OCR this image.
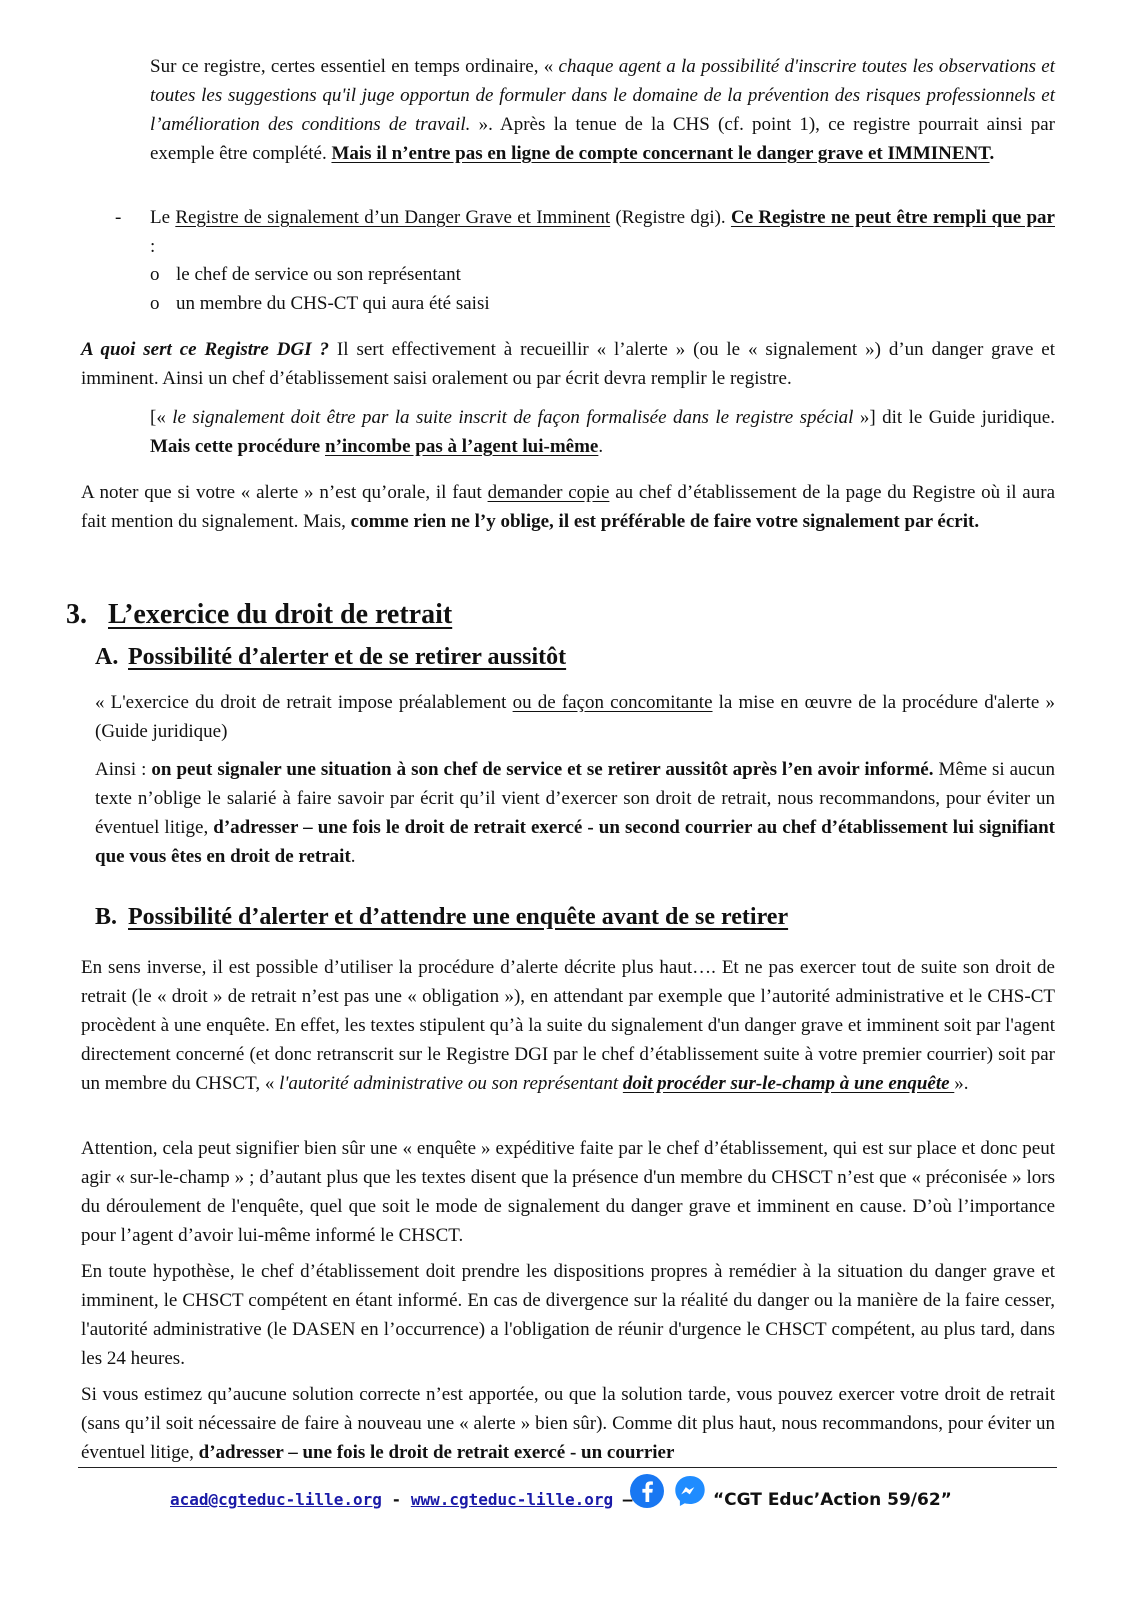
Sur ce registre, certes essentiel en temps ordinaire, « chaque agent a la possibilité d'inscrire toutes les observations et toutes les suggestions qu'il juge opportun de formuler dans le domaine de la prévention des risques professionnels et l’amélioration des conditions de travail. ». Après la tenue de la CHS (cf. point 1), ce registre pourrait ainsi par exemple être complété. Mais il n’entre pas en ligne de compte concernant le danger grave et IMMINENT.

- Le Registre de signalement d’un Danger Grave et Imminent (Registre dgi). Ce Registre ne peut être rempli que par :

o le chef de service ou son représentant
o un membre du CHS-CT qui aura été saisi

A quoi sert ce Registre DGI ? Il sert effectivement à recueillir « l’alerte » (ou le « signalement ») d’un danger grave et imminent. Ainsi un chef d’établissement saisi oralement ou par écrit devra remplir le registre.

[« le signalement doit être par la suite inscrit de façon formalisée dans le registre spécial »] dit le Guide juridique. Mais cette procédure n’incombe pas à l’agent lui-même.

A noter que si votre « alerte » n’est qu’orale, il faut demander copie au chef d’établissement de la page du Registre où il aura fait mention du signalement. Mais, comme rien ne l’y oblige, il est préférable de faire votre signalement par écrit.

3. L’exercice du droit de retrait
A. Possibilité d’alerter et de se retirer aussitôt

« L'exercice du droit de retrait impose préalablement ou de façon concomitante la mise en œuvre de la procédure d'alerte » (Guide juridique)

Ainsi : on peut signaler une situation à son chef de service et se retirer aussitôt après l’en avoir informé. Même si aucun texte n’oblige le salarié à faire savoir par écrit qu’il vient d’exercer son droit de retrait, nous recommandons, pour éviter un éventuel litige, d’adresser – une fois le droit de retrait exercé - un second courrier au chef d’établissement lui signifiant que vous êtes en droit de retrait.

B. Possibilité d’alerter et d’attendre une enquête avant de se retirer

En sens inverse, il est possible d’utiliser la procédure d’alerte décrite plus haut…. Et ne pas exercer tout de suite son droit de retrait (le « droit » de retrait n’est pas une « obligation »), en attendant par exemple que l’autorité administrative et le CHS-CT procèdent à une enquête. En effet, les textes stipulent qu’à la suite du signalement d'un danger grave et imminent soit par l'agent directement concerné (et donc retranscrit sur le Registre DGI par le chef d’établissement suite à votre premier courrier) soit par un membre du CHSCT, « l'autorité administrative ou son représentant doit procéder sur-le-champ à une enquête ».

Attention, cela peut signifier bien sûr une « enquête » expéditive faite par le chef d’établissement, qui est sur place et donc peut agir « sur-le-champ » ; d’autant plus que les textes disent que la présence d'un membre du CHSCT n’est que « préconisée » lors du déroulement de l'enquête, quel que soit le mode de signalement du danger grave et imminent en cause. D’où l’importance pour l’agent d’avoir lui-même informé le CHSCT.

En toute hypothèse, le chef d’établissement doit prendre les dispositions propres à remédier à la situation du danger grave et imminent, le CHSCT compétent en étant informé. En cas de divergence sur la réalité du danger ou la manière de la faire cesser, l'autorité administrative (le DASEN en l’occurrence) a l'obligation de réunir d'urgence le CHSCT compétent, au plus tard, dans les 24 heures.

Si vous estimez qu’aucune solution correcte n’est apportée, ou que la solution tarde, vous pouvez exercer votre droit de retrait (sans qu’il soit nécessaire de faire à nouveau une « alerte » bien sûr). Comme dit plus haut, nous recommandons, pour éviter un éventuel litige, d’adresser – une fois le droit de retrait exercé - un courrier

acad@cgteduc-lille.org - www.cgteduc-lille.org –	“CGT Educ’Action 59/62”
